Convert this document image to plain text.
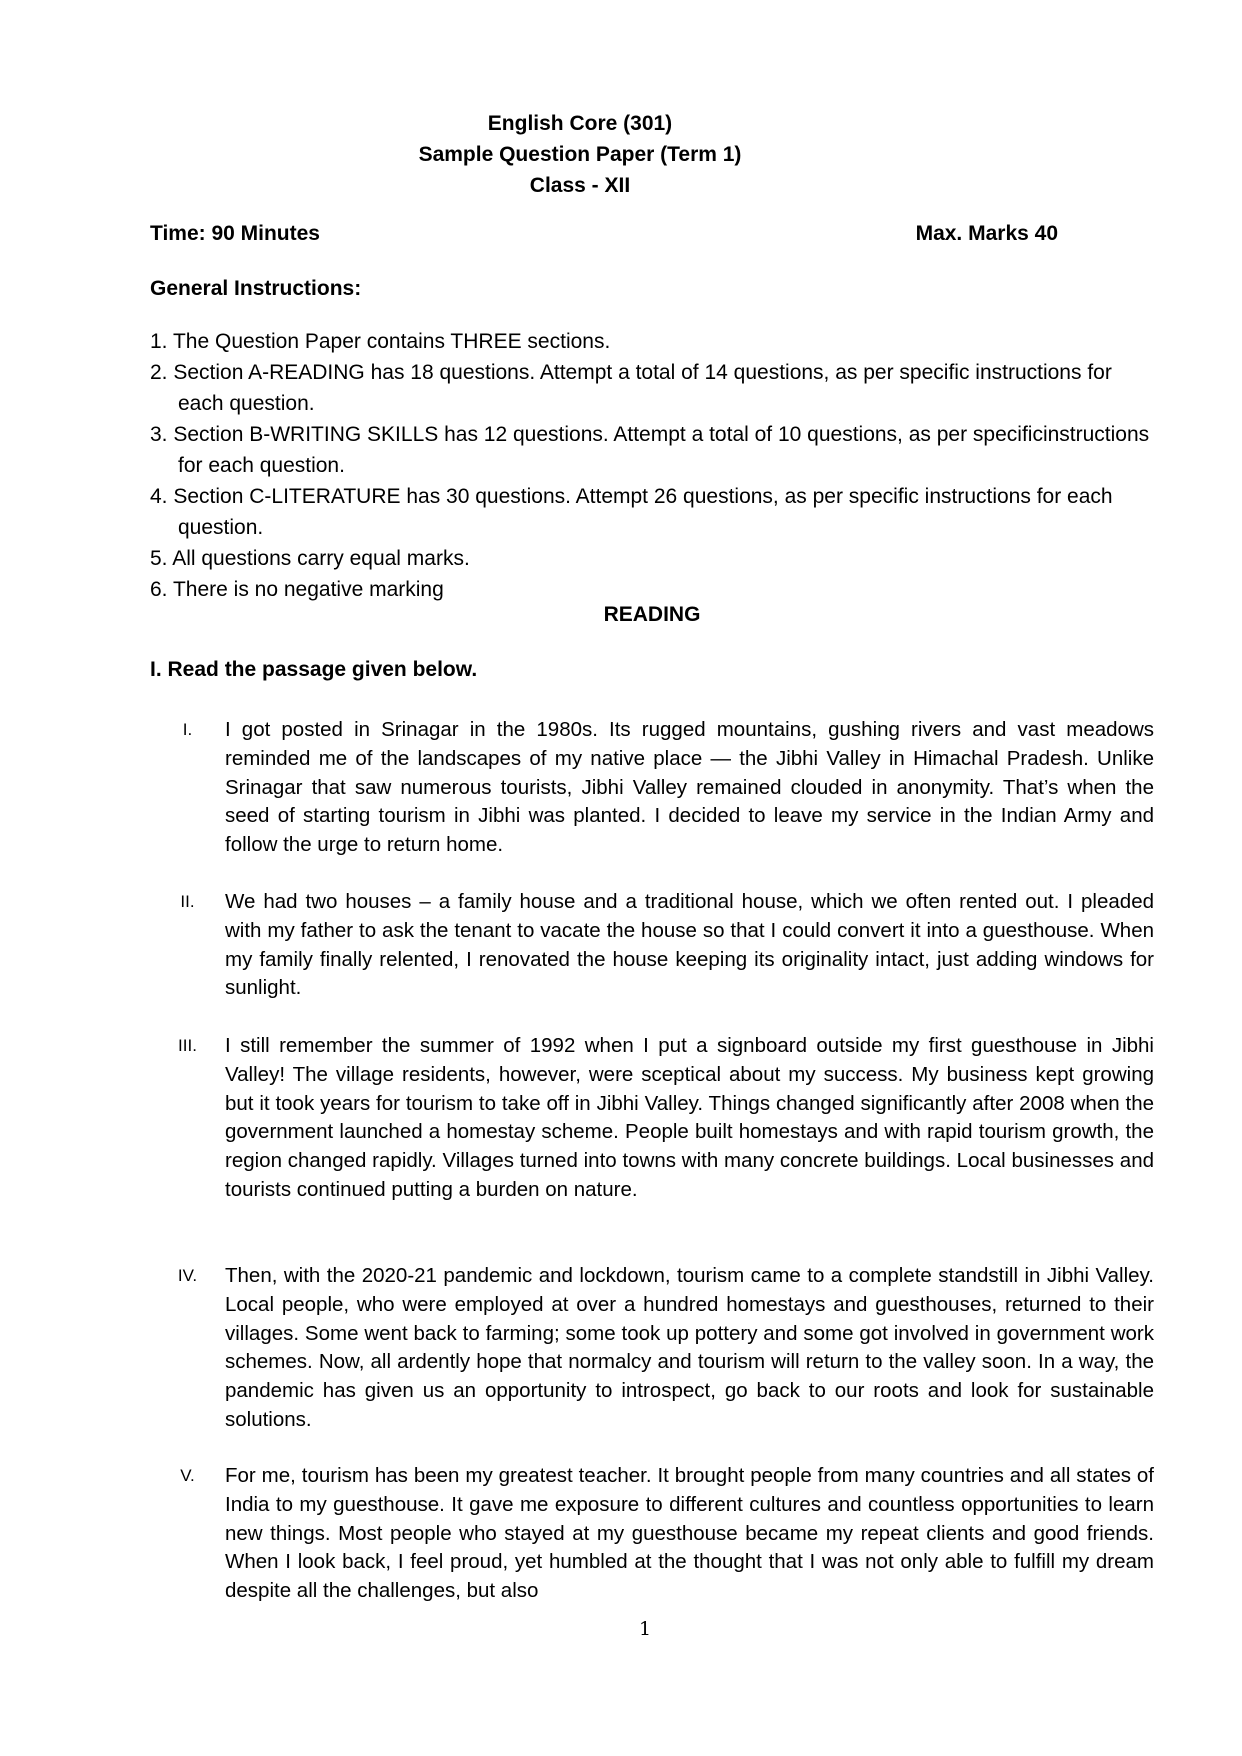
English Core (301)
Sample Question Paper (Term 1)
Class - XII
Time: 90 Minutes	Max. Marks 40
General Instructions:
1. The Question Paper contains THREE sections.
2. Section A-READING has 18 questions. Attempt a total of 14 questions, as per specific instructions for each question.
3. Section B-WRITING SKILLS has 12 questions. Attempt a total of 10 questions, as per specificinstructions for each question.
4. Section C-LITERATURE has 30 questions. Attempt 26 questions, as per specific instructions for each question.
5. All questions carry equal marks.
6. There is no negative marking
READING
I. Read the passage given below.
I.	I got posted in Srinagar in the 1980s. Its rugged mountains, gushing rivers and vast meadows reminded me of the landscapes of my native place — the Jibhi Valley in Himachal Pradesh. Unlike Srinagar that saw numerous tourists, Jibhi Valley remained clouded in anonymity. That’s when the seed of starting tourism in Jibhi was planted. I decided to leave my service in the Indian Army and follow the urge to return home.
II.	We had two houses – a family house and a traditional house, which we often rented out. I pleaded with my father to ask the tenant to vacate the house so that I could convert it into a guesthouse. When my family finally relented, I renovated the house keeping its originality intact, just adding windows for sunlight.
III.	I still remember the summer of 1992 when I put a signboard outside my first guesthouse in Jibhi Valley! The village residents, however, were sceptical about my success. My business kept growing but it took years for tourism to take off in Jibhi Valley. Things changed significantly after 2008 when the government launched a homestay scheme. People built homestays and with rapid tourism growth, the region changed rapidly. Villages turned into towns with many concrete buildings. Local businesses and tourists continued putting a burden on nature.
IV.	Then, with the 2020-21 pandemic and lockdown, tourism came to a complete standstill in Jibhi Valley. Local people, who were employed at over a hundred homestays and guesthouses, returned to their villages. Some went back to farming; some took up pottery and some got involved in government work schemes. Now, all ardently hope that normalcy and tourism will return to the valley soon. In a way, the pandemic has given us an opportunity to introspect, go back to our roots and look for sustainable solutions.
V.	For me, tourism has been my greatest teacher. It brought people from many countries and all states of India to my guesthouse. It gave me exposure to different cultures and countless opportunities to learn new things. Most people who stayed at my guesthouse became my repeat clients and good friends. When I look back, I feel proud, yet humbled at the thought that I was not only able to fulfill my dream despite all the challenges, but also
1
